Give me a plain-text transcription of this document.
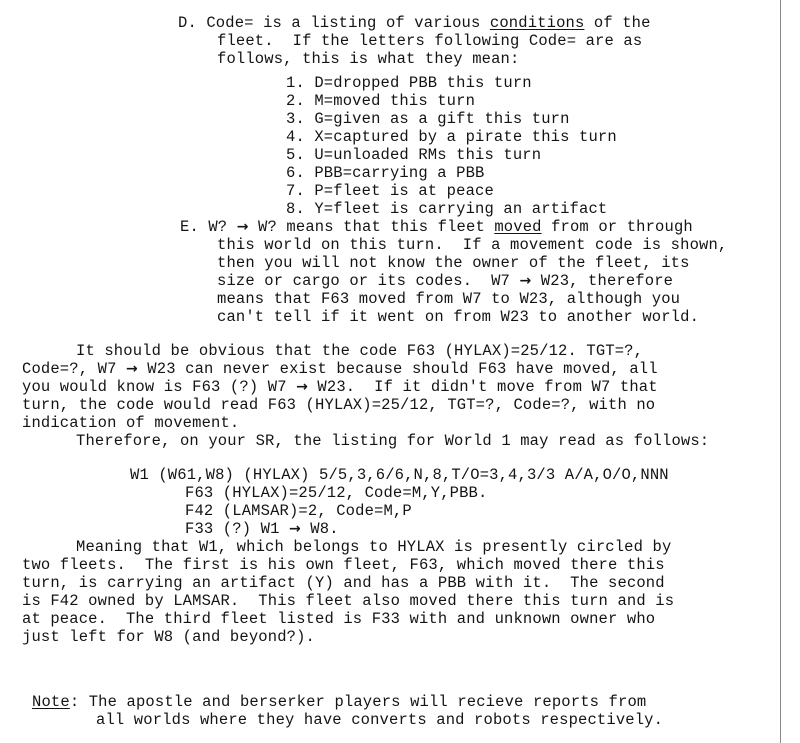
D. Code= is a listing of various conditions of the
fleet.  If the letters following Code= are as
follows, this is what they mean:
1. D=dropped PBB this turn
2. M=moved this turn
3. G=given as a gift this turn
4. X=captured by a pirate this turn
5. U=unloaded RMs this turn
6. PBB=carrying a PBB
7. P=fleet is at peace
8. Y=fleet is carrying an artifact
E. W? → W? means that this fleet moved from or through
this world on this turn.  If a movement code is shown,
then you will not know the owner of the fleet, its
size or cargo or its codes.  W7 → W23, therefore
means that F63 moved from W7 to W23, although you
can't tell if it went on from W23 to another world.
It should be obvious that the code F63 (HYLAX)=25/12. TGT=?,
Code=?, W7 → W23 can never exist because should F63 have moved, all
you would know is F63 (?) W7 → W23.  If it didn't move from W7 that
turn, the code would read F63 (HYLAX)=25/12, TGT=?, Code=?, with no
indication of movement.
Therefore, on your SR, the listing for World 1 may read as follows:
W1 (W61,W8) (HYLAX) 5/5,3,6/6,N,8,T/O=3,4,3/3 A/A,O/O,NNN
F63 (HYLAX)=25/12, Code=M,Y,PBB.
F42 (LAMSAR)=2, Code=M,P
F33 (?) W1 → W8.
Meaning that W1, which belongs to HYLAX is presently circled by
two fleets.  The first is his own fleet, F63, which moved there this
turn, is carrying an artifact (Y) and has a PBB with it.  The second
is F42 owned by LAMSAR.  This fleet also moved there this turn and is
at peace.  The third fleet listed is F33 with and unknown owner who
just left for W8 (and beyond?).
Note: The apostle and berserker players will recieve reports from
all worlds where they have converts and robots respectively.
